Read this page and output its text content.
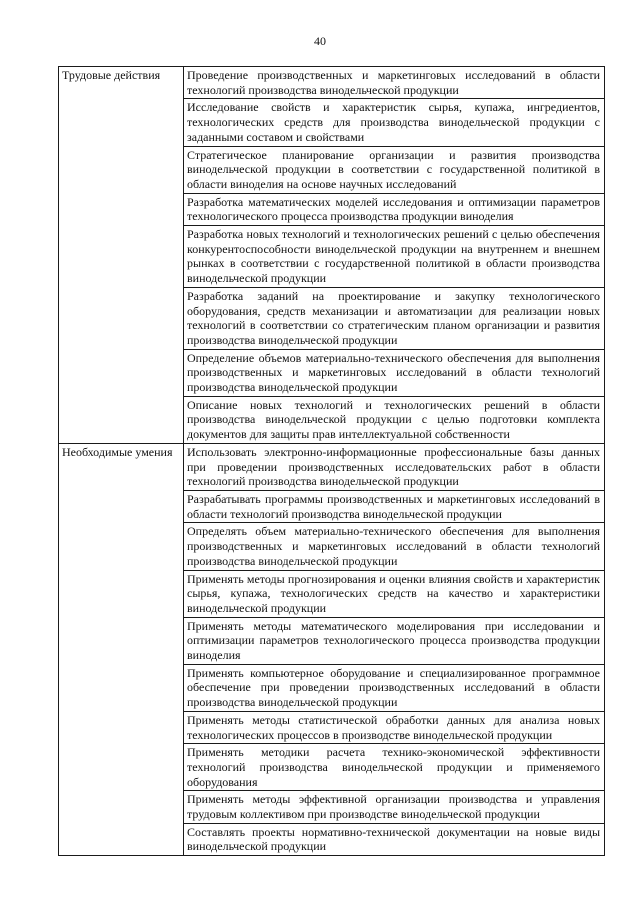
40
Трудовые действия	Проведение производственных и маркетинговых исследований в области технологий производства винодельческой продукции
	Исследование свойств и характеристик сырья, купажа, ингредиентов, технологических средств для производства винодельческой продукции с заданными составом и свойствами
	Стратегическое планирование организации и развития производства винодельческой продукции в соответствии с государственной политикой в области виноделия на основе научных исследований
	Разработка математических моделей исследования и оптимизации параметров технологического процесса производства продукции виноделия
	Разработка новых технологий и технологических решений с целью обеспечения конкурентоспособности винодельческой продукции на внутреннем и внешнем рынках в соответствии с государственной политикой в области производства винодельческой продукции
	Разработка заданий на проектирование и закупку технологического оборудования, средств механизации и автоматизации для реализации новых технологий в соответствии со стратегическим планом организации и развития производства винодельческой продукции
	Определение объемов материально-технического обеспечения для выполнения производственных и маркетинговых исследований в области технологий производства винодельческой продукции
	Описание новых технологий и технологических решений в области производства винодельческой продукции с целью подготовки комплекта документов для защиты прав интеллектуальной собственности
Необходимые умения	Использовать электронно-информационные профессиональные базы данных при проведении производственных исследовательских работ в области технологий производства винодельческой продукции
	Разрабатывать программы производственных и маркетинговых исследований в области технологий производства винодельческой продукции
	Определять объем материально-технического обеспечения для выполнения производственных и маркетинговых исследований в области технологий производства винодельческой продукции
	Применять методы прогнозирования и оценки влияния свойств и характеристик сырья, купажа, технологических средств на качество и характеристики винодельческой продукции
	Применять методы математического моделирования при исследовании и оптимизации параметров технологического процесса производства продукции виноделия
	Применять компьютерное оборудование и специализированное программное обеспечение при проведении производственных исследований в области производства винодельческой продукции
	Применять методы статистической обработки данных для анализа новых технологических процессов в производстве винодельческой продукции
	Применять методики расчета технико-экономической эффективности технологий производства винодельческой продукции и применяемого оборудования
	Применять методы эффективной организации производства и управления трудовым коллективом при производстве винодельческой продукции
	Составлять проекты нормативно-технической документации на новые виды винодельческой продукции
